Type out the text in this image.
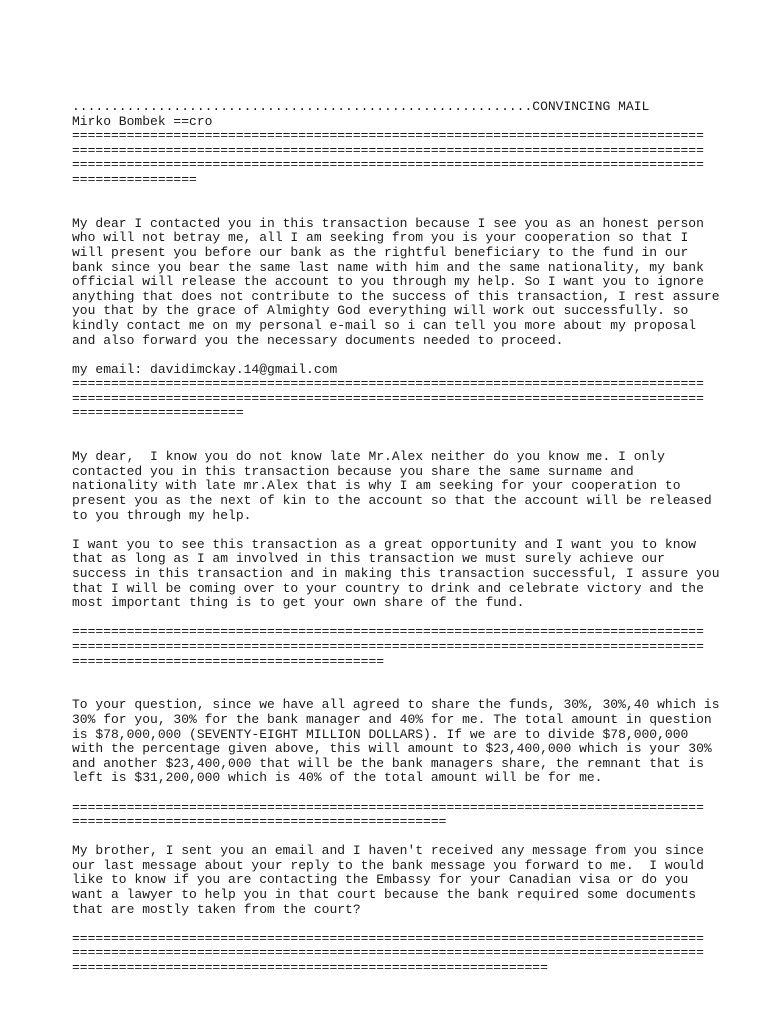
...........................................................CONVINCING MAIL
Mirko Bombek ==cro
=================================================================================
=================================================================================
=================================================================================
================
My dear I contacted you in this transaction because I see you as an honest person
who will not betray me, all I am seeking from you is your cooperation so that I
will present you before our bank as the rightful beneficiary to the fund in our
bank since you bear the same last name with him and the same nationality, my bank
official will release the account to you through my help. So I want you to ignore
anything that does not contribute to the success of this transaction, I rest assure
you that by the grace of Almighty God everything will work out successfully. so
kindly contact me on my personal e-mail so i can tell you more about my proposal
and also forward you the necessary documents needed to proceed.
my email: davidimckay.14@gmail.com
=================================================================================
=================================================================================
======================
My dear,  I know you do not know late Mr.Alex neither do you know me. I only
contacted you in this transaction because you share the same surname and
nationality with late mr.Alex that is why I am seeking for your cooperation to
present you as the next of kin to the account so that the account will be released
to you through my help.
I want you to see this transaction as a great opportunity and I want you to know
that as long as I am involved in this transaction we must surely achieve our
success in this transaction and in making this transaction successful, I assure you
that I will be coming over to your country to drink and celebrate victory and the
most important thing is to get your own share of the fund.
=================================================================================
=================================================================================
========================================
To your question, since we have all agreed to share the funds, 30%, 30%,40 which is
30% for you, 30% for the bank manager and 40% for me. The total amount in question
is $78,000,000 (SEVENTY-EIGHT MILLION DOLLARS). If we are to divide $78,000,000
with the percentage given above, this will amount to $23,400,000 which is your 30%
and another $23,400,000 that will be the bank managers share, the remnant that is
left is $31,200,000 which is 40% of the total amount will be for me.
=================================================================================
================================================
My brother, I sent you an email and I haven't received any message from you since
our last message about your reply to the bank message you forward to me.  I would
like to know if you are contacting the Embassy for your Canadian visa or do you
want a lawyer to help you in that court because the bank required some documents
that are mostly taken from the court?
=================================================================================
=================================================================================
=============================================================
